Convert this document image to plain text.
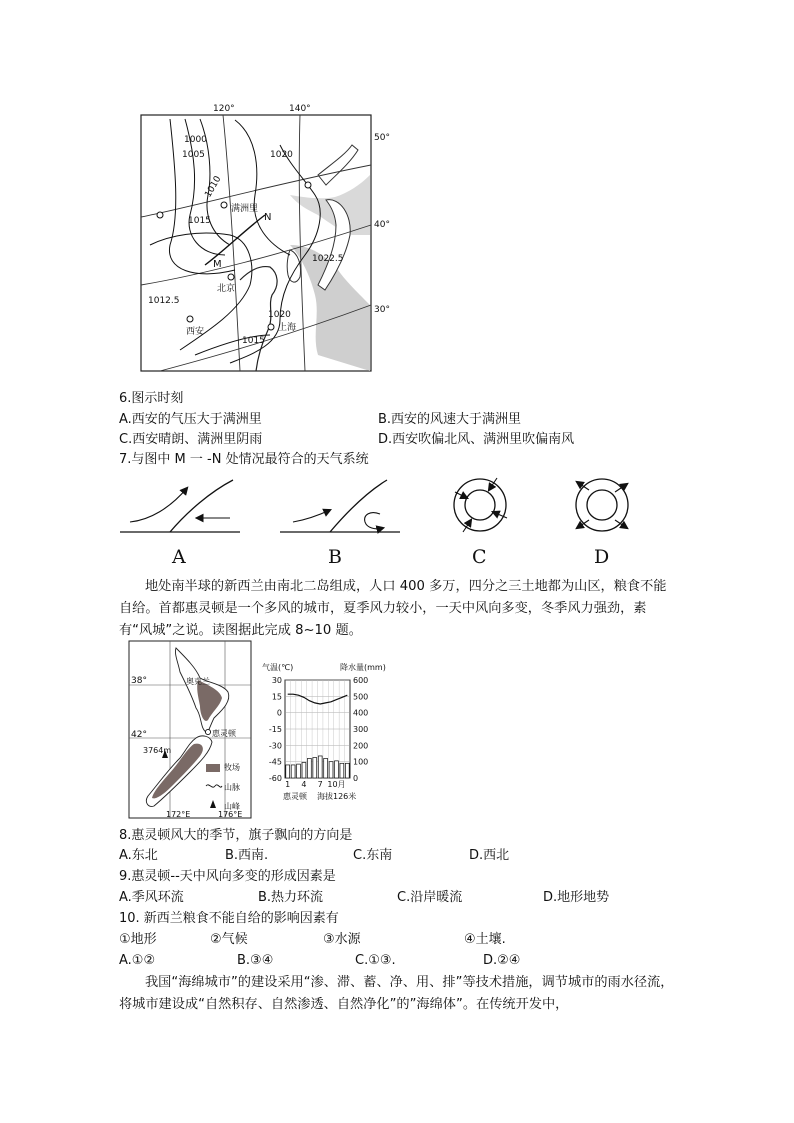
120°	140°
50°
40°
30°
1000
1005
1010
1015
1020
1022.5
1012.5
1020
1015
满洲里
北京
西安	上海
M
N
6.图示时刻
A.西安的气压大于满洲里	B.西安的风速大于满洲里
C.西安晴朗、满洲里阴雨	D.西安吹偏北风、满洲里吹偏南风
7.与图中 M 一 -N 处情况最符合的天气系统
A	B	C	D
地处南半球的新西兰由南北二岛组成，人口 400 多万，四分之三土地都为山区，粮食不能自给。首都惠灵顿是一个多风的城市，夏季风力较小，一天中风向多变，冬季风力强劲，素有“风城”之说。读图据此完成 8~10 题。
38°
42°
奥克兰
惠灵顿
3764m
牧场
山脉
山峰
172°E	176°E
30
15
0
-15
-30
-45
-60
600
500
400
300
200
100
0
1 4 7 10月
气温(℃)	降水量(mm)
惠灵顿 海拔126米
8.惠灵顿风大的季节，旗子飘向的方向是
A.东北	B.西南.	C.东南	D.西北
9.惠灵顿--天中风向多变的形成因素是
A.季风环流	B.热力环流	C.沿岸暖流	D.地形地势
10. 新西兰粮食不能自给的影响因素有
①地形	②气候	③水源	④土壤.
A.①②	B.③④	C.①③.	D.②④
我国“海绵城市”的建设采用“渗、滞、蓄、净、用、排”等技术措施，调节城市的雨水径流，将城市建设成“自然积存、自然渗透、自然净化”的”海绵体”。在传统开发中，
